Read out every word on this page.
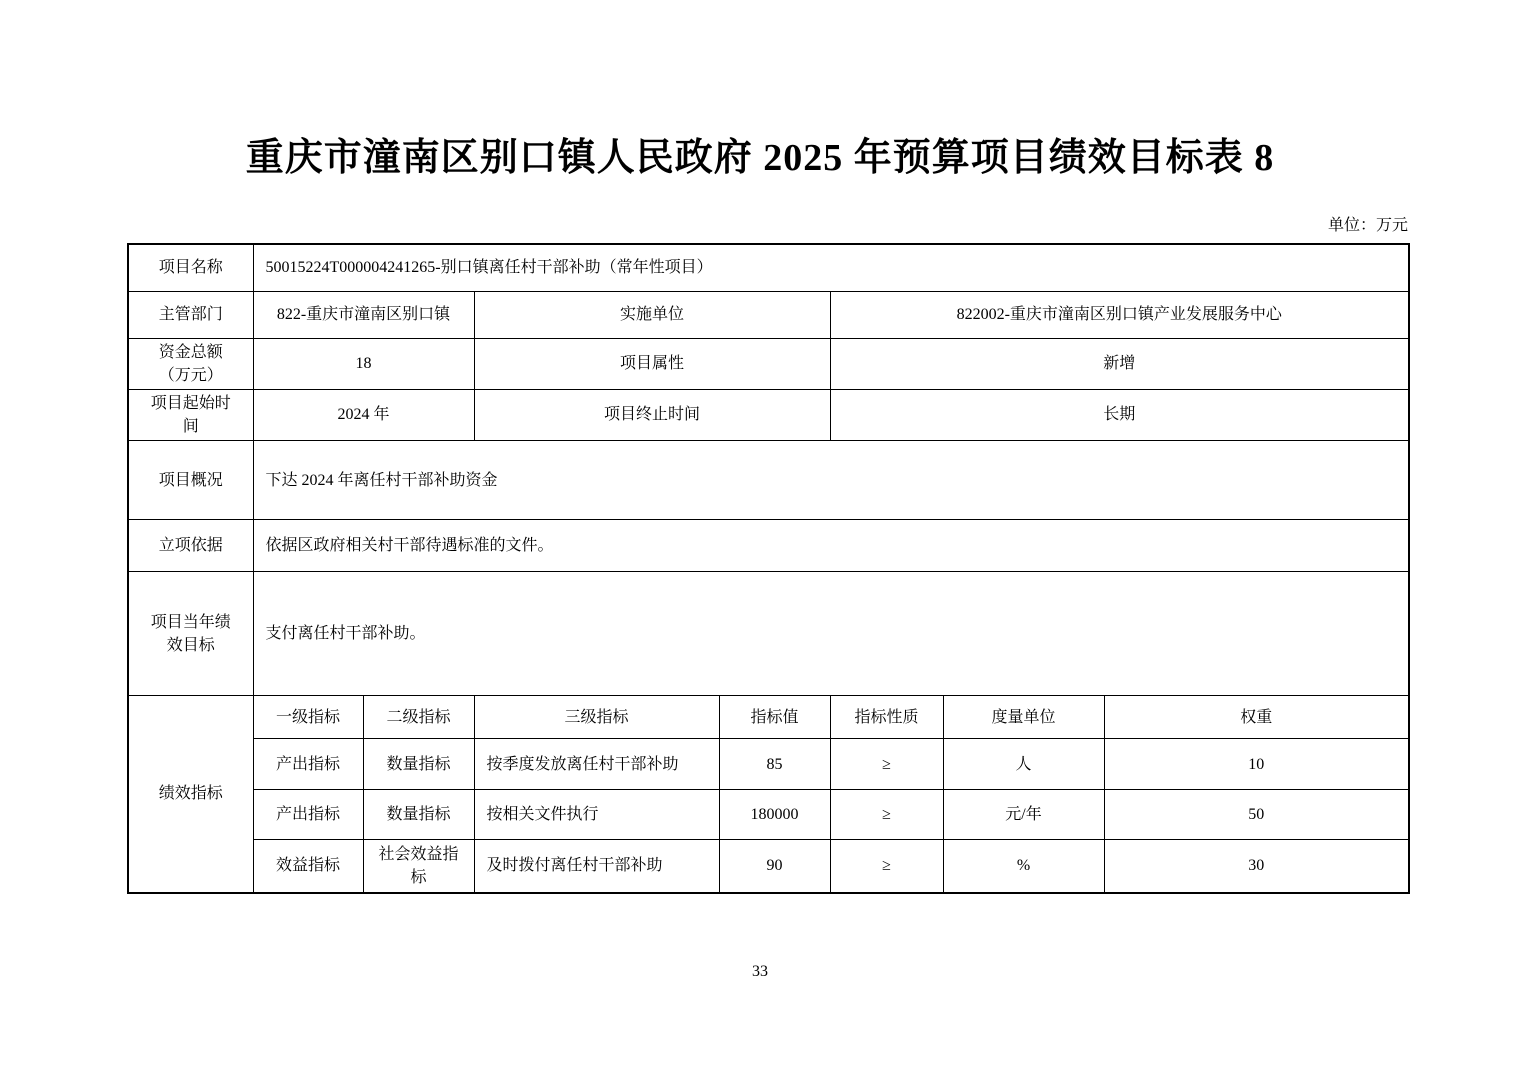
重庆市潼南区别口镇人民政府 2025 年预算项目绩效目标表 8
单位：万元
项目名称	50015224T000004241265-别口镇离任村干部补助（常年性项目）						
主管部门	822-重庆市潼南区别口镇		实施单位		822002-重庆市潼南区别口镇产业发展服务中心		
资金总额（万元）	18		项目属性		新增		
项目起始时间	2024 年		项目终止时间		长期		
项目概况	下达 2024 年离任村干部补助资金						
立项依据	依据区政府相关村干部待遇标准的文件。						
项目当年绩效目标	支付离任村干部补助。						
绩效指标	一级指标	二级指标	三级指标	指标值	指标性质	度量单位	权重
	产出指标	数量指标	按季度发放离任村干部补助	85	≥	人	10
	产出指标	数量指标	按相关文件执行	180000	≥	元/年	50
	效益指标	社会效益指标	及时拨付离任村干部补助	90	≥	%	30
33
